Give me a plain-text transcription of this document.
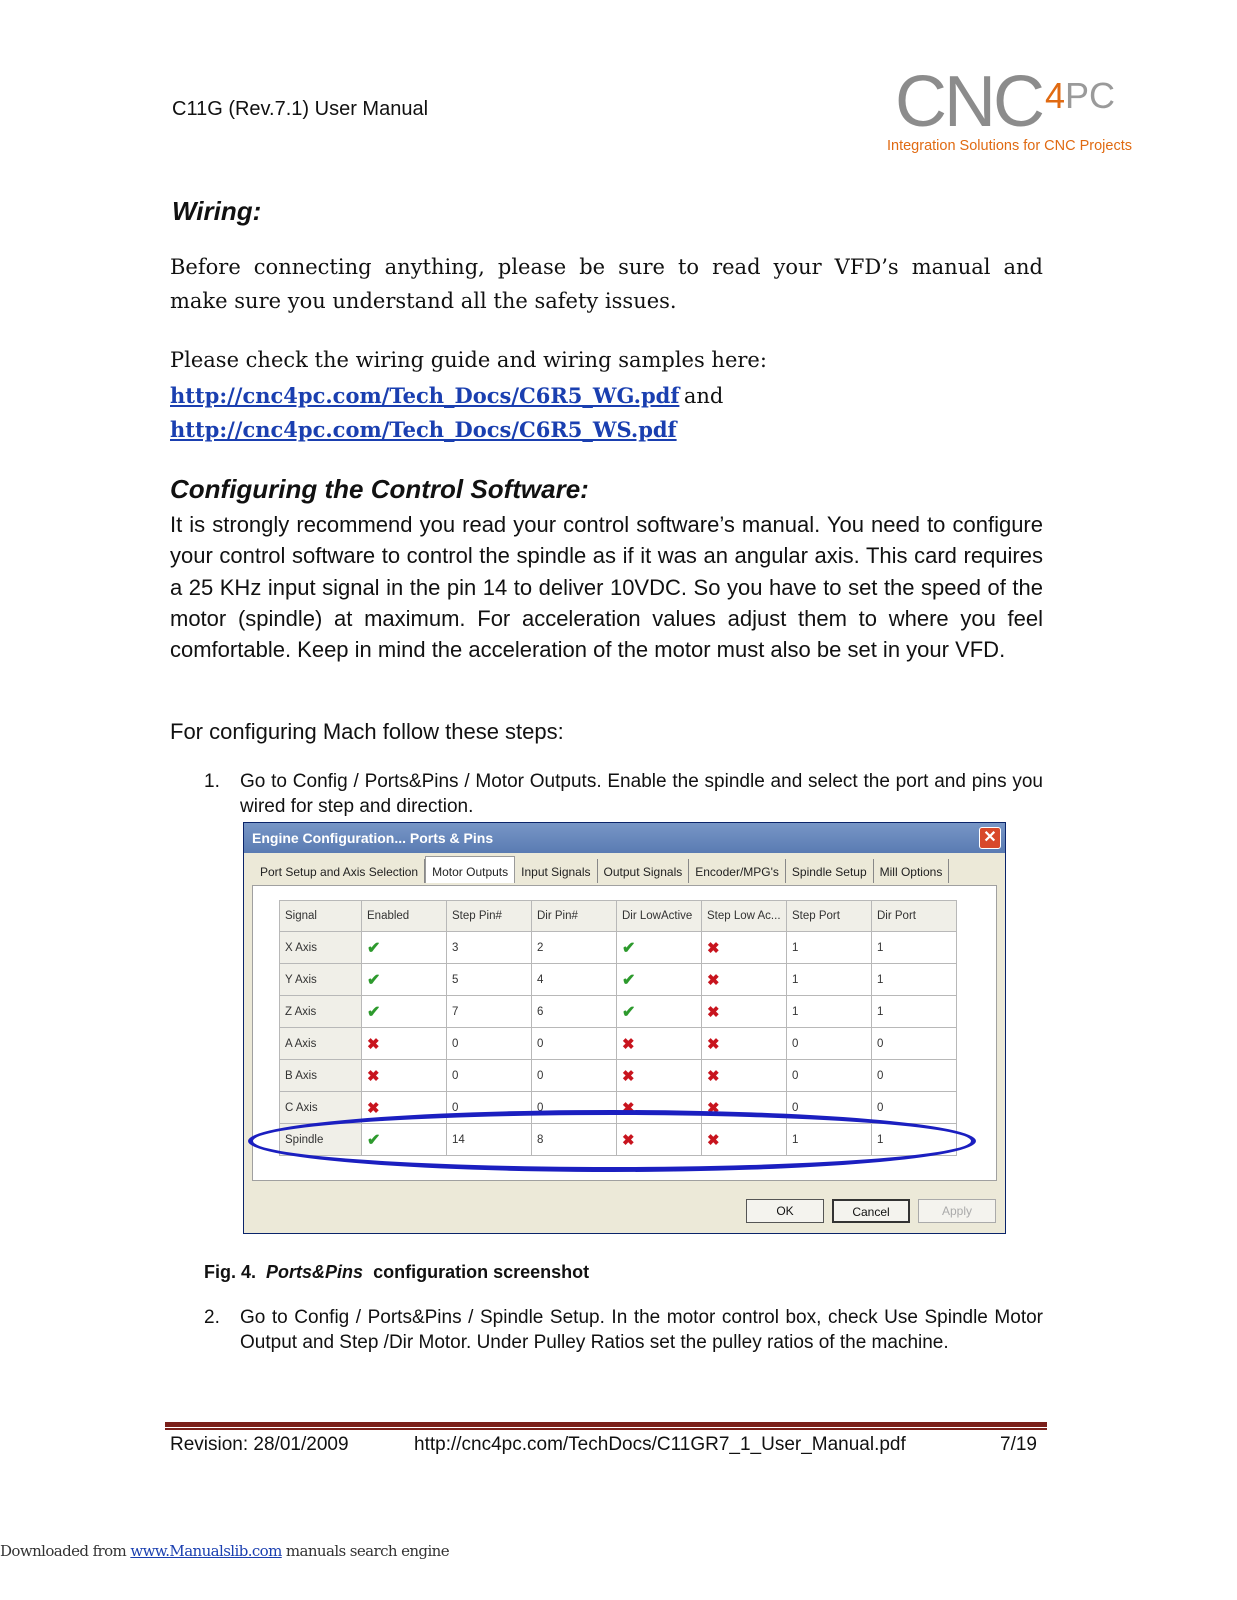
C11G (Rev.7.1) User Manual	CNC 4PC
Integration Solutions for CNC Projects
Wiring:
Before connecting anything, please be sure to read your VFD’s manual and
make sure you understand all the safety issues.
Please check the wiring guide and wiring samples here:
http://cnc4pc.com/Tech_Docs/C6R5_WG.pdf and
http://cnc4pc.com/Tech_Docs/C6R5_WS.pdf
Configuring the Control Software:
It is strongly recommend you read your control software’s manual. You need to configure your control software to control the spindle as if it was an angular axis. This card requires a 25 KHz input signal in the pin 14 to deliver 10VDC. So you have to set the speed of the motor (spindle) at maximum. For acceleration values adjust them to where you feel comfortable. Keep in mind the acceleration of the motor must also be set in your VFD.
For configuring Mach follow these steps:
1. Go to Config / Ports&Pins / Motor Outputs. Enable the spindle and select the port and pins you wired for step and direction.
Engine Configuration... Ports & Pins	✕
Port Setup and Axis Selection	Motor Outputs	Input Signals	Output Signals	Encoder/MPG's	Spindle Setup	Mill Options
Signal	Enabled	Step Pin#	Dir Pin#	Dir LowActive	Step Low Ac...	Step Port	Dir Port
X Axis	✔	3	2	✔	✖	1	1
Y Axis	✔	5	4	✔	✖	1	1
Z Axis	✔	7	6	✔	✖	1	1
A Axis	✖	0	0	✖	✖	0	0
B Axis	✖	0	0	✖	✖	0	0
C Axis	✖	0	0	✖	✖	0	0
Spindle	✔	14	8	✖	✖	1	1
OK	Cancel	Apply
Fig. 4. Ports&Pins configuration screenshot
2. Go to Config / Ports&Pins / Spindle Setup. In the motor control box, check Use Spindle Motor Output and Step /Dir Motor. Under Pulley Ratios set the pulley ratios of the machine.
Revision: 28/01/2009	http://cnc4pc.com/TechDocs/C11GR7_1_User_Manual.pdf	7/19
Downloaded from www.Manualslib.com manuals search engine
